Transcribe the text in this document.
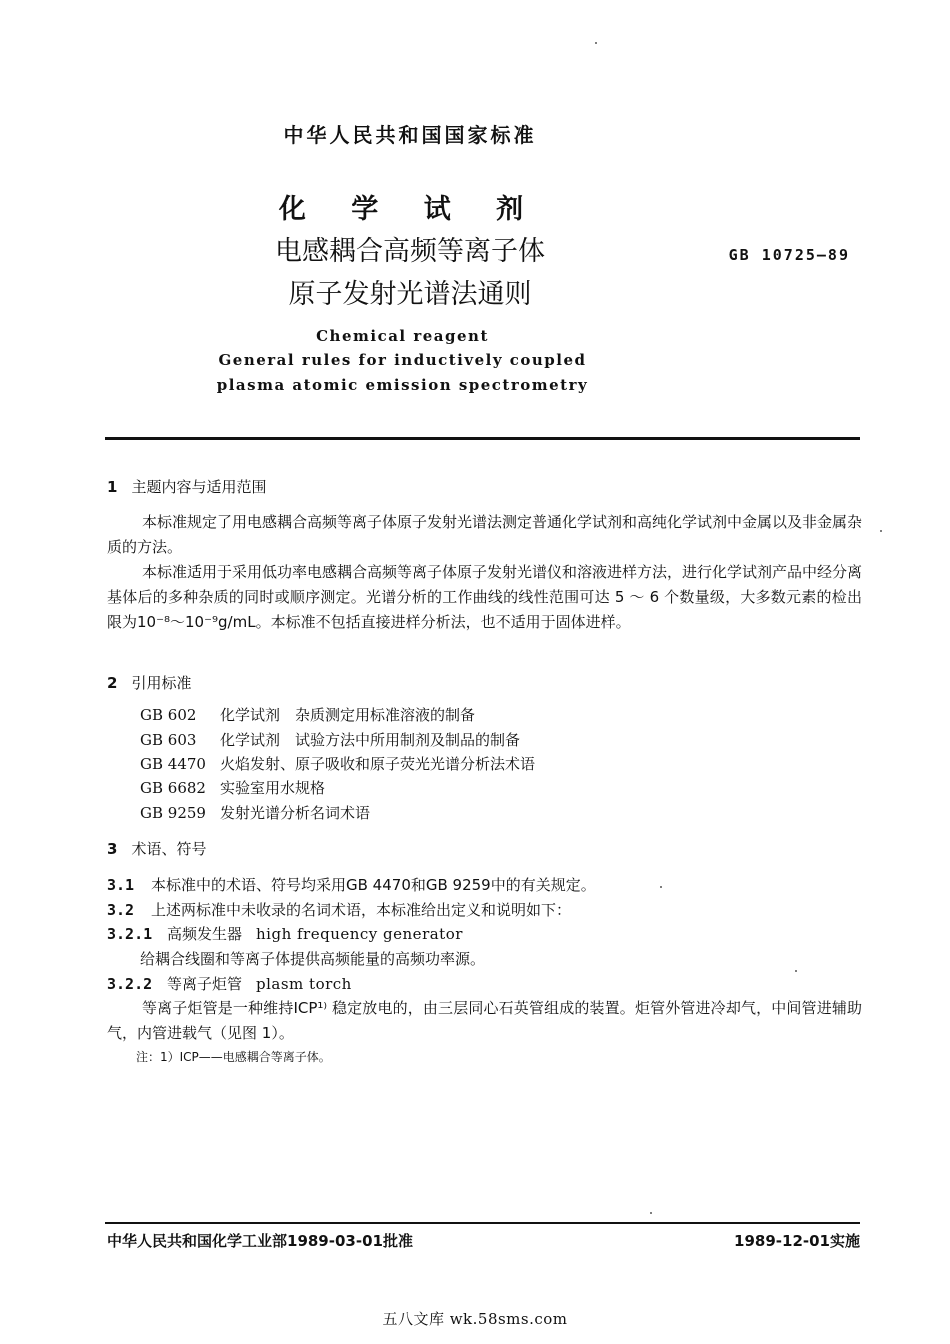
中华人民共和国国家标准
化 学 试 剂
电感耦合高频等离子体
原子发射光谱法通则
GB 10725—89
Chemical reagent
General rules for inductively coupled
plasma atomic emission spectrometry
1 主题内容与适用范围
本标准规定了用电感耦合高频等离子体原子发射光谱法测定普通化学试剂和高纯化学试剂中金属以及非金属杂质的方法。
本标准适用于采用低功率电感耦合高频等离子体原子发射光谱仪和溶液进样方法，进行化学试剂产品中经分离基体后的多种杂质的同时或顺序测定。光谱分析的工作曲线的线性范围可达 5 ～ 6 个数量级，大多数元素的检出限为10⁻⁸～10⁻⁹g/mL。本标准不包括直接进样分析法，也不适用于固体进样。
2 引用标准
GB 602 化学试剂　杂质测定用标准溶液的制备
GB 603 化学试剂　试验方法中所用制剂及制品的制备
GB 4470 火焰发射、原子吸收和原子荧光光谱分析法术语
GB 6682 实验室用水规格
GB 9259 发射光谱分析名词术语
3 术语、符号
3.1 本标准中的术语、符号均采用GB 4470和GB 9259中的有关规定。
3.2 上述两标准中未收录的名词术语，本标准给出定义和说明如下：
3.2.1 高频发生器 high frequency generator
给耦合线圈和等离子体提供高频能量的高频功率源。
3.2.2 等离子炬管 plasm torch
等离子炬管是一种维持ICP¹⁾ 稳定放电的，由三层同心石英管组成的装置。炬管外管进冷却气，中间管进辅助气，内管进载气（见图 1）。
注：1）ICP——电感耦合等离子体。
中华人民共和国化学工业部1989-03-01批准	1989-12-01实施
五八文库 wk.58sms.com
